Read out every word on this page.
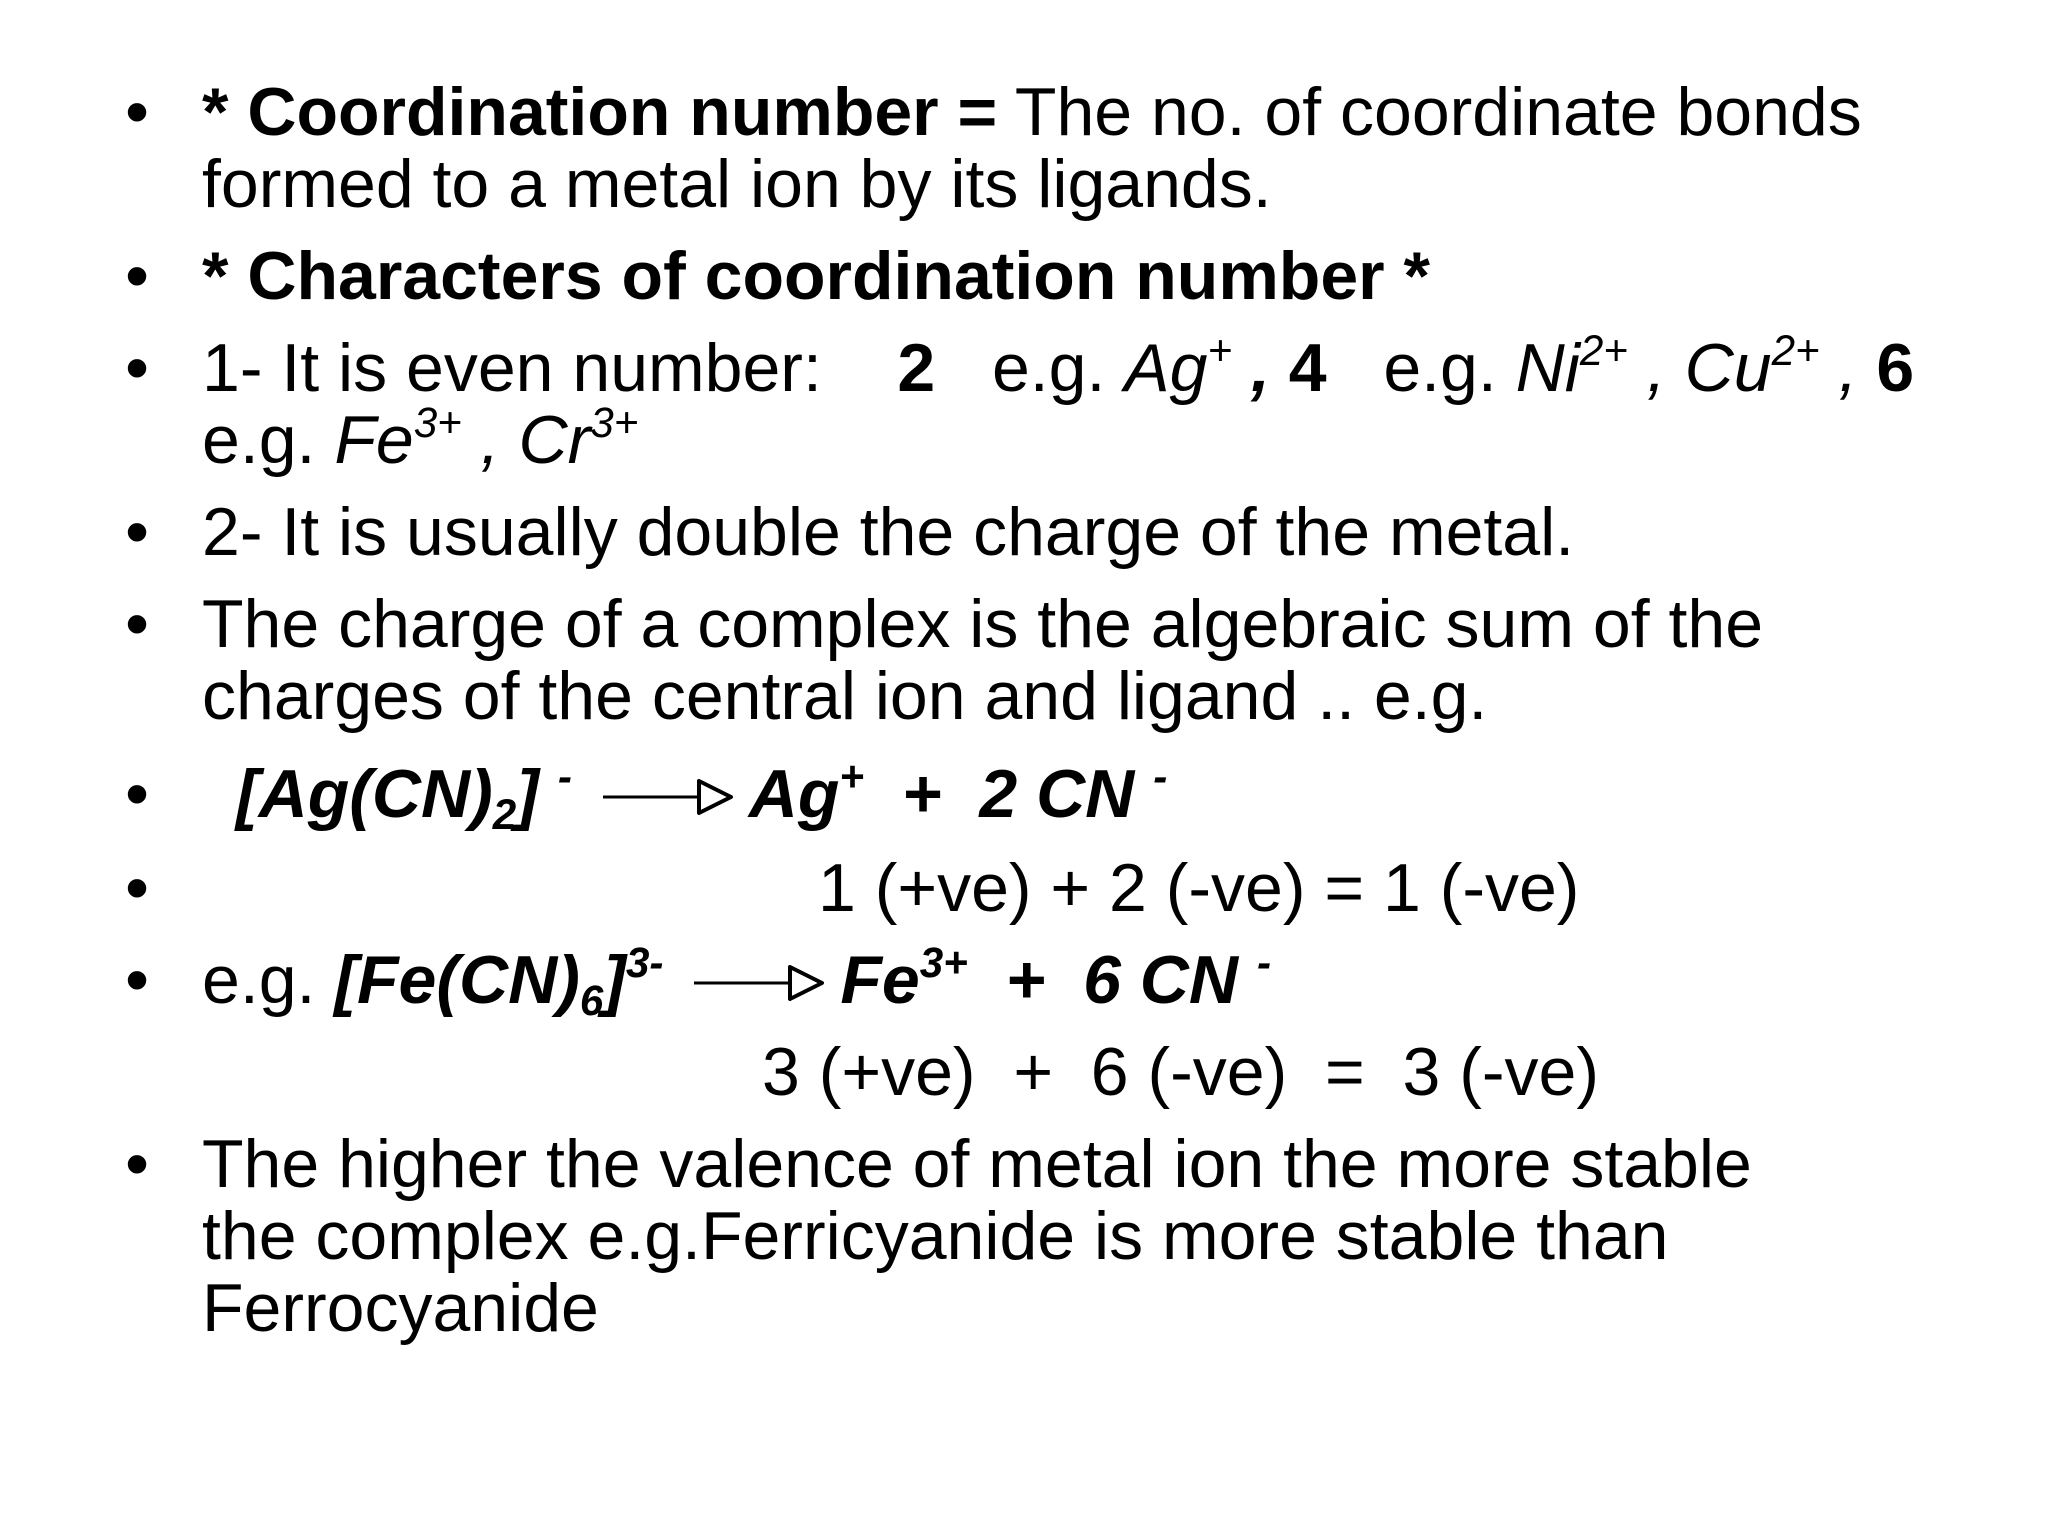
• * Coordination number = The no. of coordinate bonds
formed to a metal ion by its ligands.
• * Characters of coordination number *
• 1- It is even number: 2 e.g. Ag+ , 4 e.g. $Ni^{2+}$ , $Cu^{2+}$ , 6
e.g. $Fe^{3+}$ , $Cr^{3+}$
• 2- It is usually double the charge of the metal.
• The charge of a complex is the algebraic sum of the
charges of the central ion and ligand .. e.g.
• $[Ag(CN)_2]$ -	Ag+ + 2 CN -
•	1 (+ve) + 2 (-ve) = 1 (-ve)
• e.g. $[Fe(CN)_6]^{3-}$	$Fe^{3+} + 6$ CN -
3 (+ve)  +  6 (-ve)  =  3 (-ve)
• The higher the valence of metal ion the more stable
the complex e.g.Ferricyanide is more stable than
Ferrocyanide
